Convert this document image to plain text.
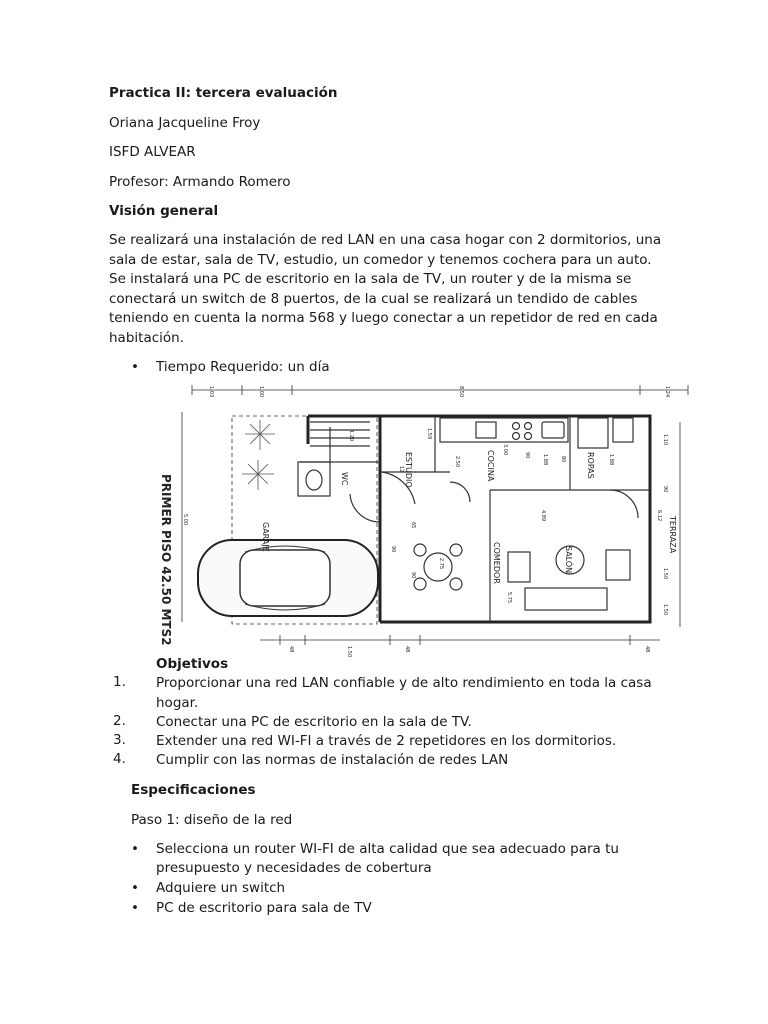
Practica II: tercera evaluación
Oriana Jacqueline Froy
ISFD ALVEAR
Profesor: Armando Romero
Visión general
Se realizará una instalación de red LAN en una casa hogar con 2 dormitorios, una
sala de estar, sala de TV, estudio, un comedor y tenemos cochera para un auto.
Se instalará una PC de escritorio en la sala de TV, un router y de la misma se
conectará un switch de 8 puertos, de la cual se realizará un tendido de cables
teniendo en cuenta la norma 568 y luego conectar a un repetidor de red en cada
habitación.
• Tiempo Requerido: un día
PRIMER PISO 42.50 MTS2	GARAJE
WC	ESTUDIO	COCINA	ROPAS
COMEDOR	SALÓN
TERRAZA
1.03	1.00	8.50	1.24
48	1.50	48	48
5.00
1.59
1.20
12
2.50
3.00
1.88	1.88
80
90
90
2.75
4.89
5.75
65
90
1.10
90
6.12
1.50
1.50
Objetivos
1. Proporcionar una red LAN confiable y de alto rendimiento en toda la casa
hogar.
2. Conectar una PC de escritorio en la sala de TV.
3. Extender una red WI-FI a través de 2 repetidores en los dormitorios.
4. Cumplir con las normas de instalación de redes LAN
Especificaciones
Paso 1: diseño de la red
• Selecciona un router WI-FI de alta calidad que sea adecuado para tu
presupuesto y necesidades de cobertura
• Adquiere un switch
• PC de escritorio para sala de TV
